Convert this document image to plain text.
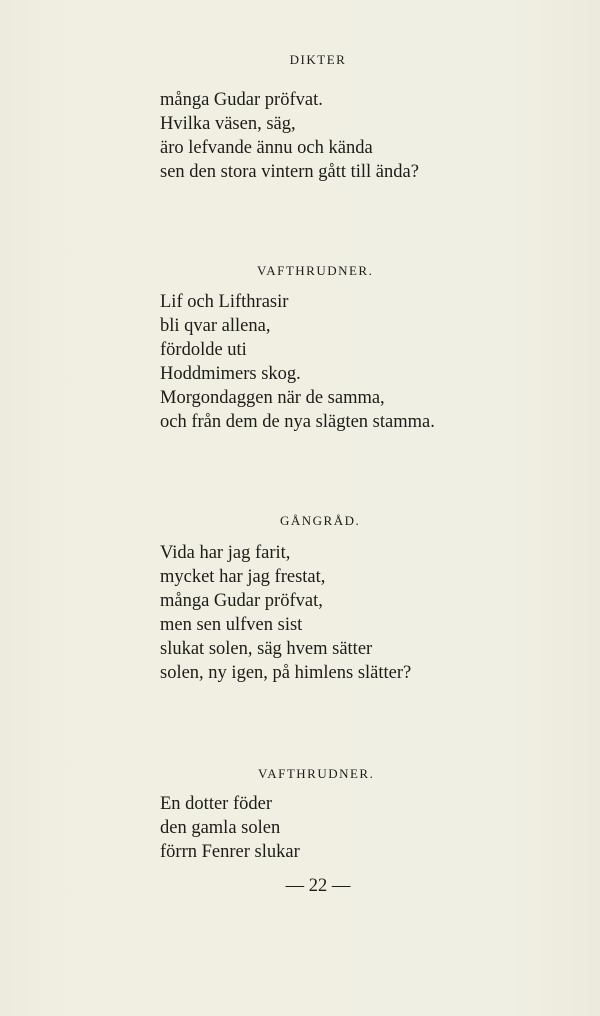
DIKTER
många Gudar pröfvat.
Hvilka väsen, säg,
äro lefvande ännu och kända
sen den stora vintern gått till ända?
VAFTHRUDNER.
Lif och Lifthrasir
bli qvar allena,
fördolde uti
Hoddmimers skog.
Morgondaggen när de samma,
och från dem de nya slägten stamma.
GÅNGRÅD.
Vida har jag farit,
mycket har jag frestat,
många Gudar pröfvat,
men sen ulfven sist
slukat solen, säg hvem sätter
solen, ny igen, på himlens slätter?
VAFTHRUDNER.
En dotter föder
den gamla solen
förrn Fenrer slukar
— 22 —
